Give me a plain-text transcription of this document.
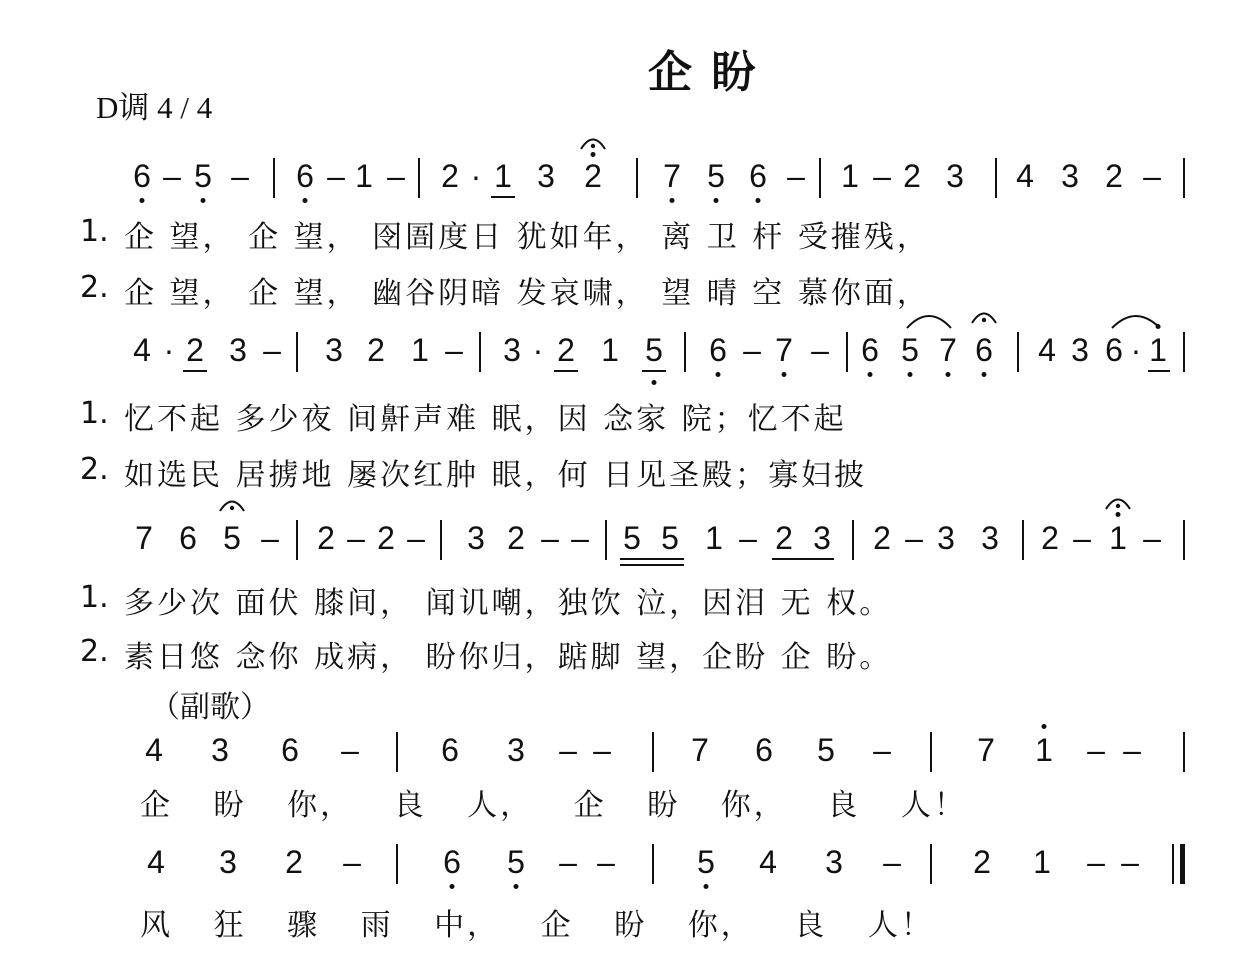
企 盼
D调 4 / 4
6 – 5 – 6 – 1 – 2 · 1 3 2 7 5 6 – 1 – 2 3 4 3 2 –
1. 企 望， 企 望， 囹圄度日 犹如年， 离 卫 杆 受摧残，
2. 企 望， 企 望， 幽谷阴暗 发哀啸， 望 晴 空 慕你面，
4 · 2 3 – 3 2 1 – 3 · 2 1 5 6 – 7 – 6 5 7 6 4 3 6 · 1
1. 忆不起 多少夜 间鼾声难 眠，因 念家 院；忆不起
2. 如选民 居掳地 屡次红肿 眼，何 日见圣殿；寡妇披
7 6 5 – 2 – 2 – 3 2 – – 5 5 1 – 2 3 2 – 3 3 2 – 1 –
1. 多少次 面伏 膝间， 闻讥嘲，独饮 泣，因泪 无 权。
2. 素日悠 念你 成病， 盼你归，踮脚 望，企盼 企 盼。
（副歌）
4 3 6 –	6 3 – –	7 6 5 –	7 1 – –
企 盼 你， 良 人， 企 盼 你， 良 人！
4 3 2 –	6 5 – –	5 4 3 – 2 1 – –
风 狂 骤 雨 中， 企 盼 你， 良 人！
